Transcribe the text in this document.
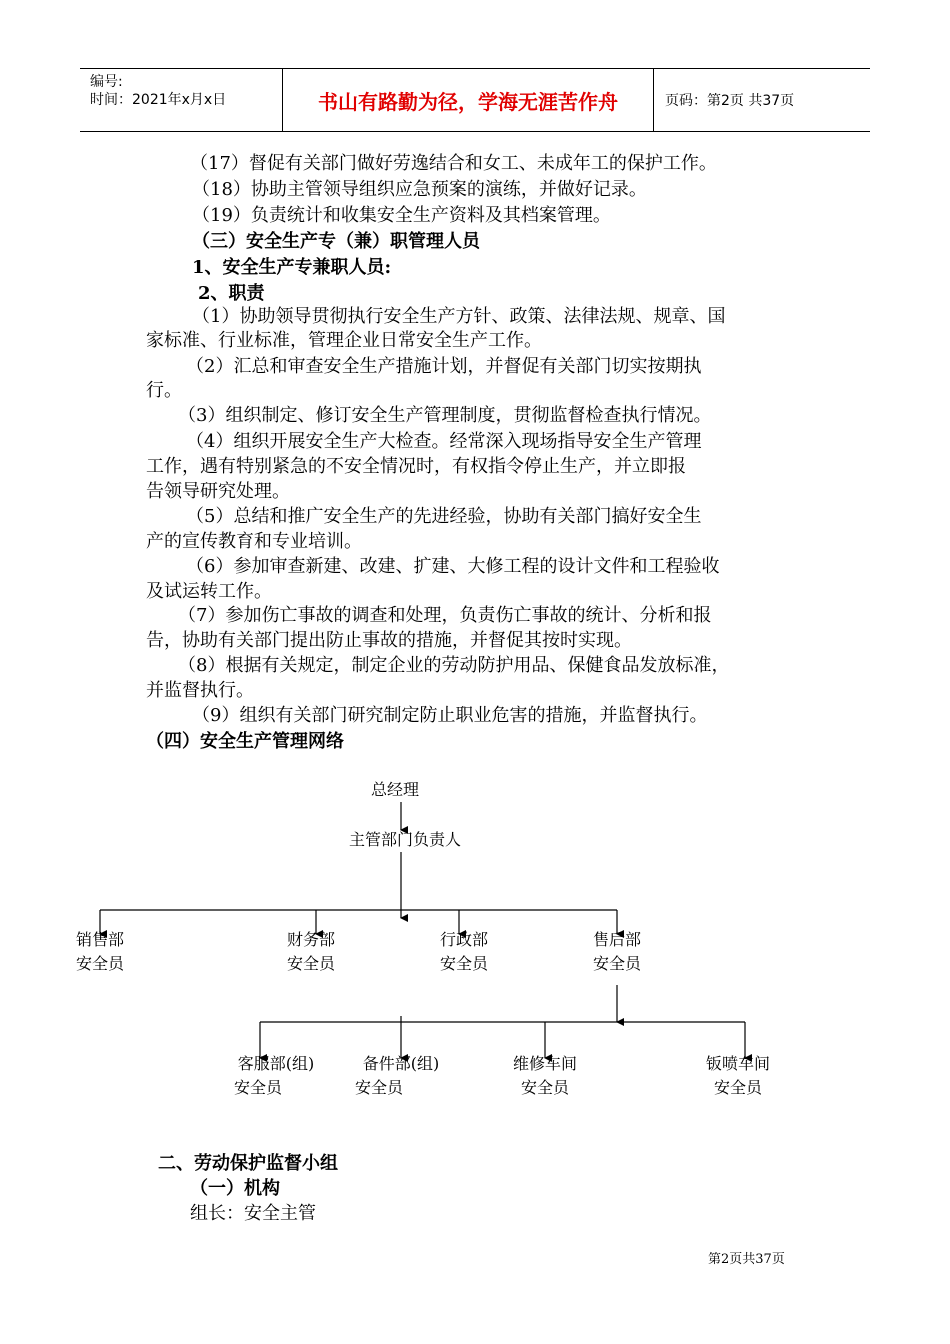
编号:
时间：2021年x月x日	书山有路勤为径，学海无涯苦作舟	页码：第2页 共37页
（17）督促有关部门做好劳逸结合和女工、未成年工的保护工作。
（18）协助主管领导组织应急预案的演练，并做好记录。
（19）负责统计和收集安全生产资料及其档案管理。
（三）安全生产专（兼）职管理人员
1、安全生产专兼职人员:
2、职责
（1）协助领导贯彻执行安全生产方针、政策、法律法规、规章、国
家标准、行业标准，管理企业日常安全生产工作。
（2）汇总和审查安全生产措施计划，并督促有关部门切实按期执
行。
（3）组织制定、修订安全生产管理制度，贯彻监督检查执行情况。
（4）组织开展安全生产大检查。经常深入现场指导安全生产管理
工作，遇有特别紧急的不安全情况时，有权指令停止生产，并立即报
告领导研究处理。
（5）总结和推广安全生产的先进经验，协助有关部门搞好安全生
产的宣传教育和专业培训。
（6）参加审查新建、改建、扩建、大修工程的设计文件和工程验收
及试运转工作。
（7）参加伤亡事故的调查和处理，负责伤亡事故的统计、分析和报
告，协助有关部门提出防止事故的措施，并督促其按时实现。
（8）根据有关规定，制定企业的劳动防护用品、保健食品发放标准，
并监督执行。
（9）组织有关部门研究制定防止职业危害的措施，并监督执行。
（四）安全生产管理网络
总经理
主管部门负责人
销售部
安全员
财务部
安全员
行政部
安全员
售后部
安全员
客服部(组)
安全员
备件部(组)
安全员
维修车间
安全员
钣喷车间
安全员
二、劳动保护监督小组
（一）机构
组长：安全主管
第2页共37页
